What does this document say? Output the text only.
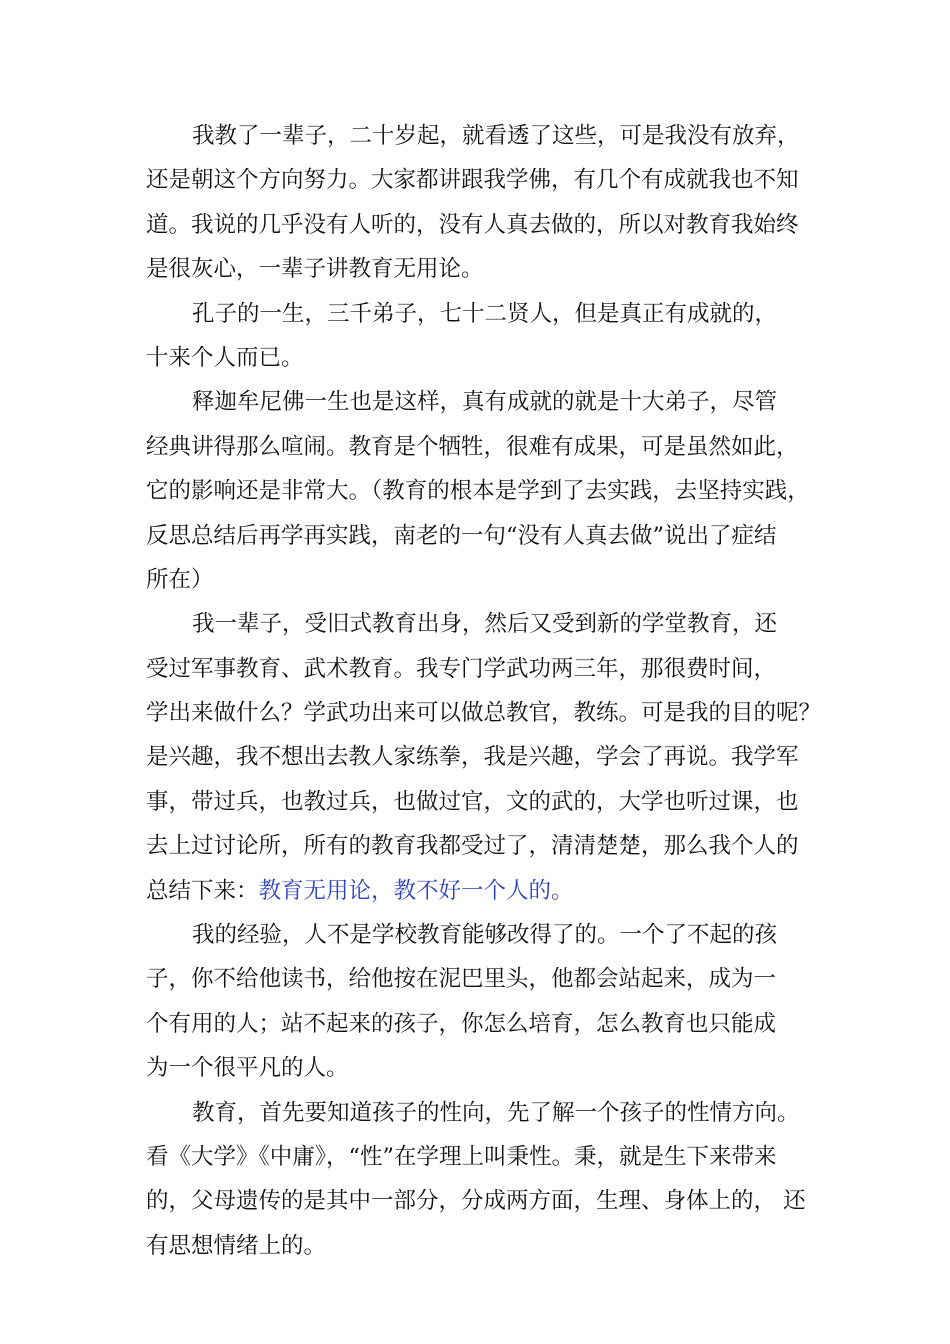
我教了一辈子，二十岁起，就看透了这些，可是我没有放弃，
还是朝这个方向努力。大家都讲跟我学佛，有几个有成就我也不知
道。我说的几乎没有人听的，没有人真去做的，所以对教育我始终
是很灰心，一辈子讲教育无用论。
孔子的一生，三千弟子，七十二贤人，但是真正有成就的，
十来个人而已。
释迦牟尼佛一生也是这样，真有成就的就是十大弟子，尽管
经典讲得那么喧闹。教育是个牺牲，很难有成果，可是虽然如此，
它的影响还是非常大。（教育的根本是学到了去实践，去坚持实践，
反思总结后再学再实践，南老的一句“没有人真去做”说出了症结
所在）
我一辈子，受旧式教育出身，然后又受到新的学堂教育，还
受过军事教育、武术教育。我专门学武功两三年，那很费时间，
学出来做什么？学武功出来可以做总教官，教练。可是我的目的呢？
是兴趣，我不想出去教人家练拳，我是兴趣，学会了再说。我学军
事，带过兵，也教过兵，也做过官，文的武的，大学也听过课，也
去上过讨论所，所有的教育我都受过了，清清楚楚，那么我个人的
总结下来：教育无用论，教不好一个人的。
我的经验，人不是学校教育能够改得了的。一个了不起的孩
子，你不给他读书，给他按在泥巴里头，他都会站起来，成为一
个有用的人；站不起来的孩子，你怎么培育，怎么教育也只能成
为一个很平凡的人。
教育，首先要知道孩子的性向，先了解一个孩子的性情方向。
看《大学》《中庸》，“性”在学理上叫秉性。秉，就是生下来带来
的，父母遗传的是其中一部分，分成两方面，生理、身体上的， 还
有思想情绪上的。
